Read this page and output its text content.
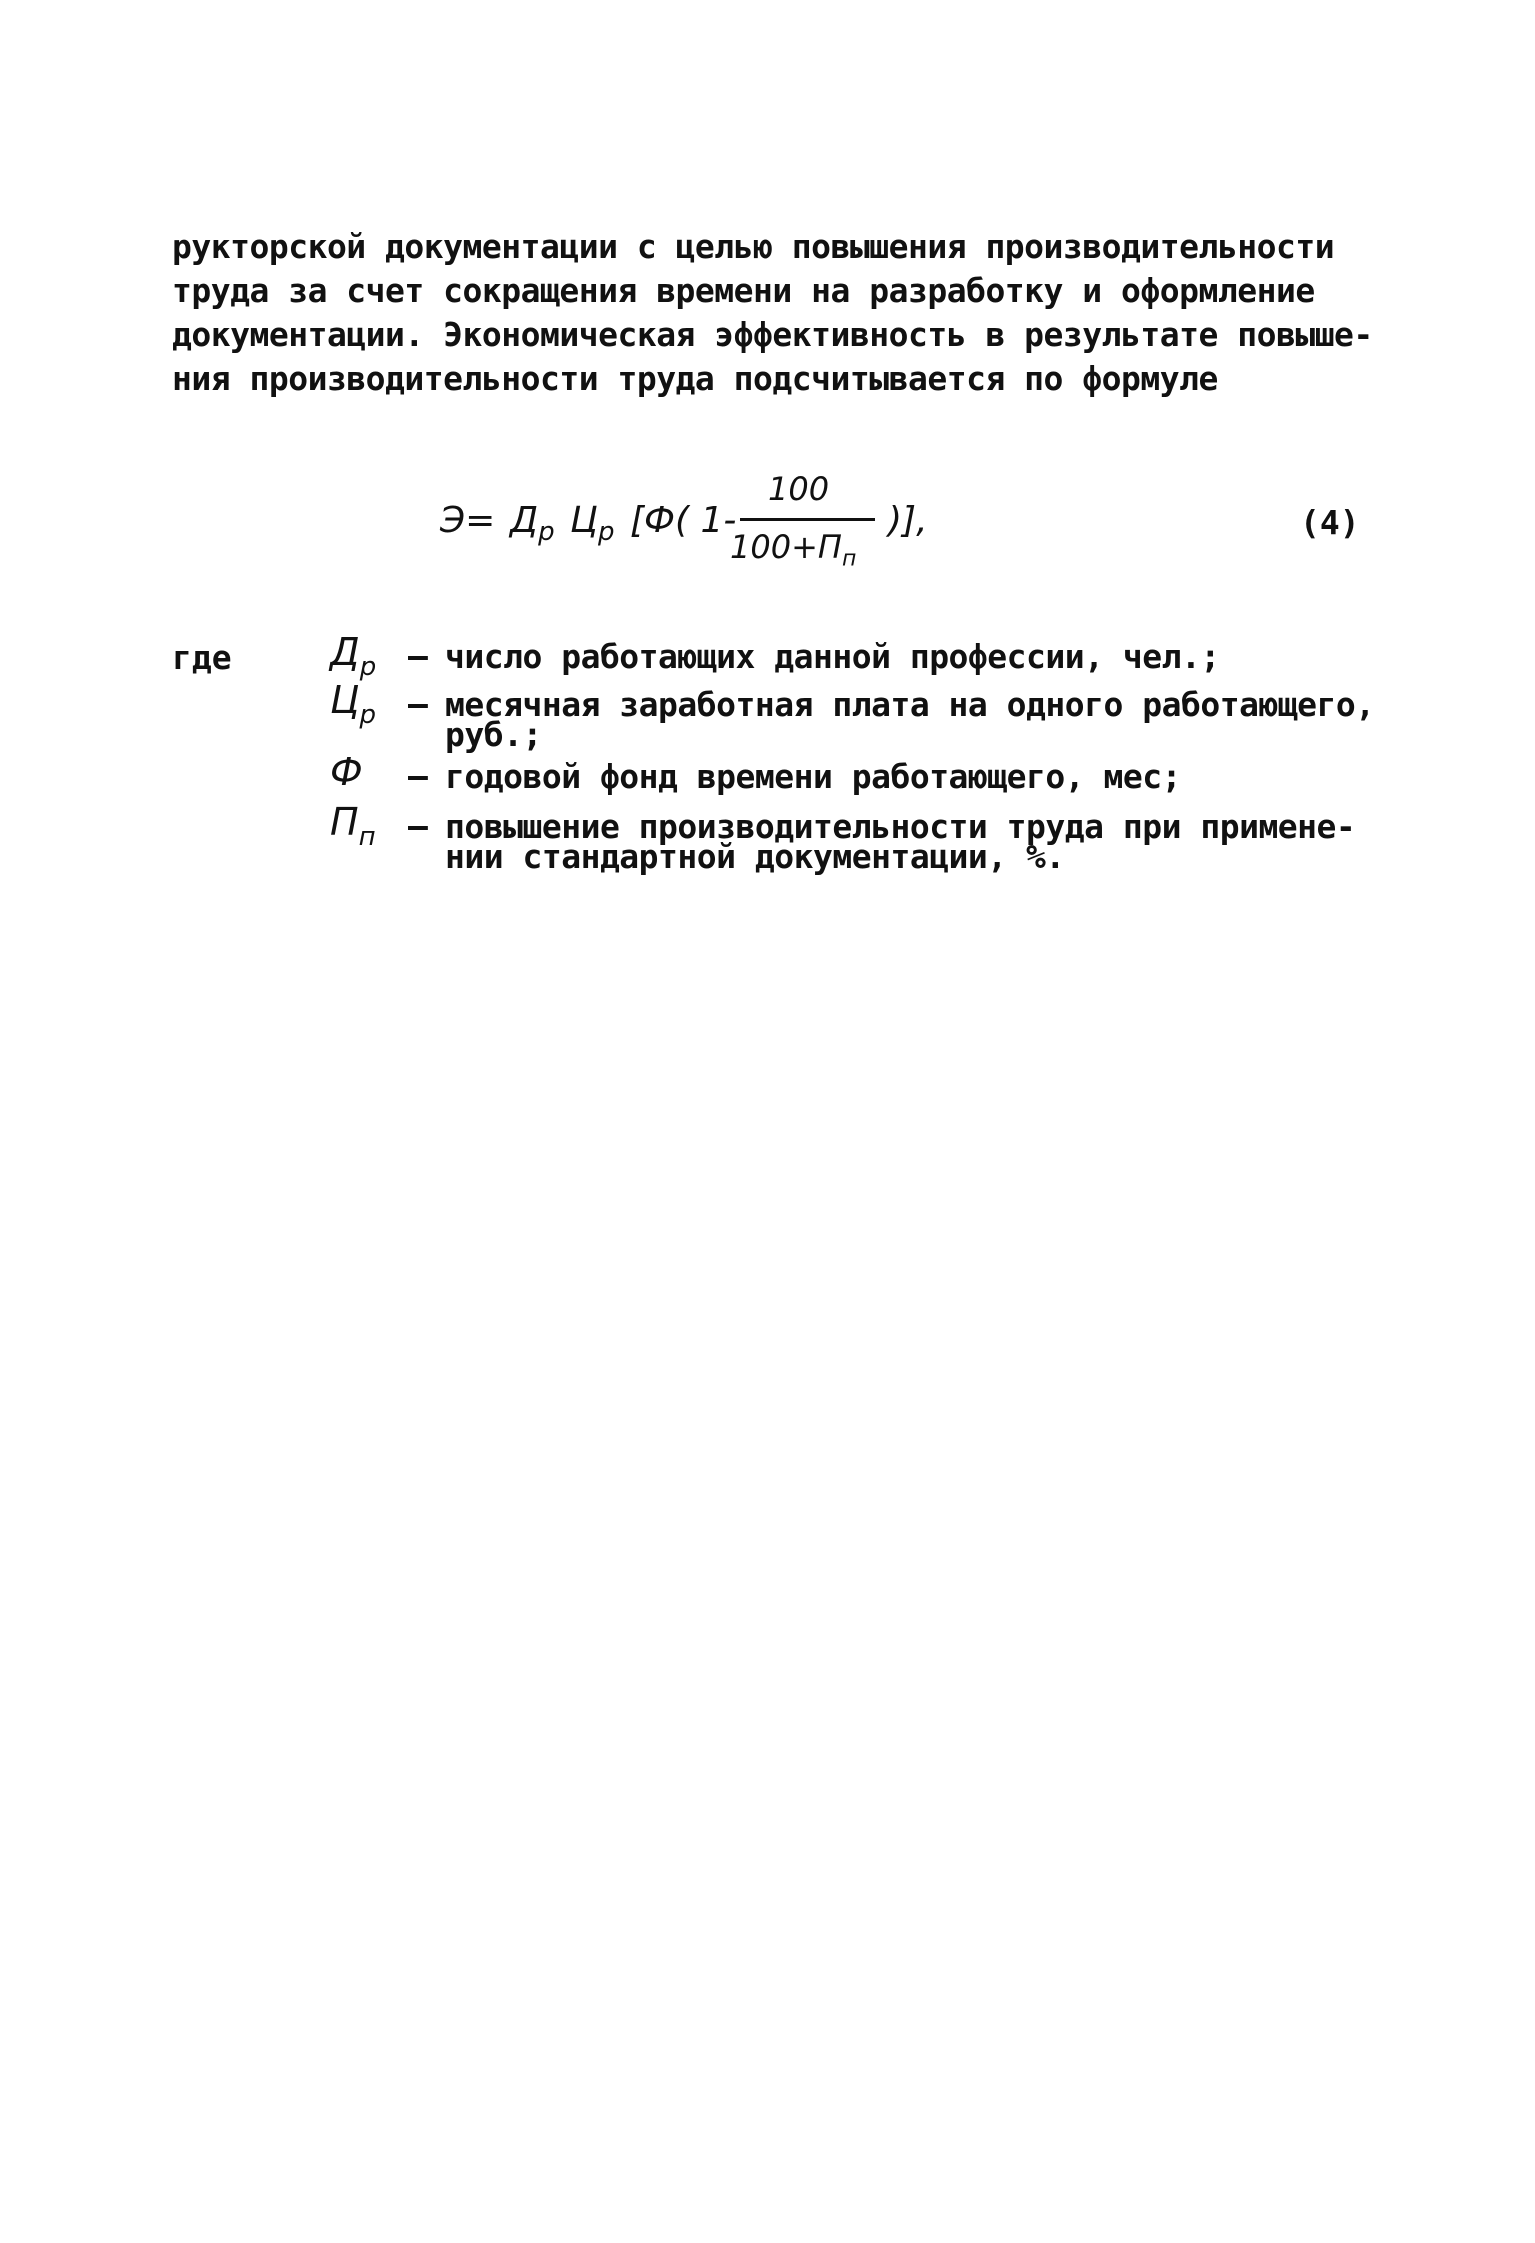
рукторской документации с целью повышения производительности
труда за счет сокращения времени на разработку и оформление
документации. Экономическая эффективность в результате повыше-
ния производительности труда подсчитывается по формуле
$Э= Д_р$ $Ц_р$ [Ф( 1-
100
$100+П_п$
)],	(4)
где	$Д_р$ – число работающих данной профессии, чел.;
$Ц_р$ – месячная заработная плата на одного работающего,
руб.;
Ф – годовой фонд времени работающего, мес;
$П_п$ – повышение производительности труда при примене-
нии стандартной документации, %.
